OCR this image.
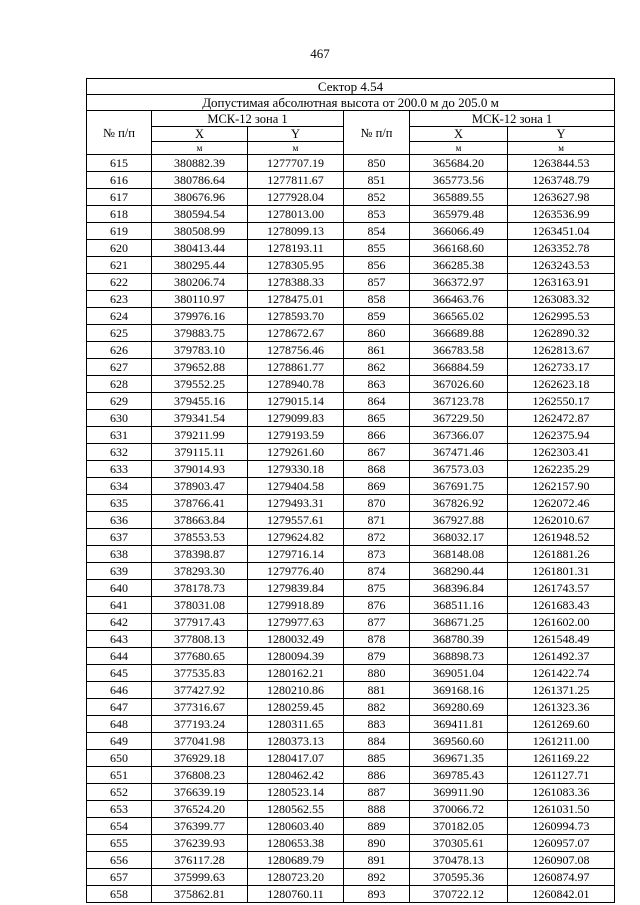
467
Сектор 4.54					
Допустимая абсолютная высота от 200.0 м до 205.0 м					
№ п/п	МСК-12 зона 1		№ п/п	МСК-12 зона 1	
	X	Y		X	Y
	м	м		м	м
615	380882.39	1277707.19	850	365684.20	1263844.53
616	380786.64	1277811.67	851	365773.56	1263748.79
617	380676.96	1277928.04	852	365889.55	1263627.98
618	380594.54	1278013.00	853	365979.48	1263536.99
619	380508.99	1278099.13	854	366066.49	1263451.04
620	380413.44	1278193.11	855	366168.60	1263352.78
621	380295.44	1278305.95	856	366285.38	1263243.53
622	380206.74	1278388.33	857	366372.97	1263163.91
623	380110.97	1278475.01	858	366463.76	1263083.32
624	379976.16	1278593.70	859	366565.02	1262995.53
625	379883.75	1278672.67	860	366689.88	1262890.32
626	379783.10	1278756.46	861	366783.58	1262813.67
627	379652.88	1278861.77	862	366884.59	1262733.17
628	379552.25	1278940.78	863	367026.60	1262623.18
629	379455.16	1279015.14	864	367123.78	1262550.17
630	379341.54	1279099.83	865	367229.50	1262472.87
631	379211.99	1279193.59	866	367366.07	1262375.94
632	379115.11	1279261.60	867	367471.46	1262303.41
633	379014.93	1279330.18	868	367573.03	1262235.29
634	378903.47	1279404.58	869	367691.75	1262157.90
635	378766.41	1279493.31	870	367826.92	1262072.46
636	378663.84	1279557.61	871	367927.88	1262010.67
637	378553.53	1279624.82	872	368032.17	1261948.52
638	378398.87	1279716.14	873	368148.08	1261881.26
639	378293.30	1279776.40	874	368290.44	1261801.31
640	378178.73	1279839.84	875	368396.84	1261743.57
641	378031.08	1279918.89	876	368511.16	1261683.43
642	377917.43	1279977.63	877	368671.25	1261602.00
643	377808.13	1280032.49	878	368780.39	1261548.49
644	377680.65	1280094.39	879	368898.73	1261492.37
645	377535.83	1280162.21	880	369051.04	1261422.74
646	377427.92	1280210.86	881	369168.16	1261371.25
647	377316.67	1280259.45	882	369280.69	1261323.36
648	377193.24	1280311.65	883	369411.81	1261269.60
649	377041.98	1280373.13	884	369560.60	1261211.00
650	376929.18	1280417.07	885	369671.35	1261169.22
651	376808.23	1280462.42	886	369785.43	1261127.71
652	376639.19	1280523.14	887	369911.90	1261083.36
653	376524.20	1280562.55	888	370066.72	1261031.50
654	376399.77	1280603.40	889	370182.05	1260994.73
655	376239.93	1280653.38	890	370305.61	1260957.07
656	376117.28	1280689.79	891	370478.13	1260907.08
657	375999.63	1280723.20	892	370595.36	1260874.97
658	375862.81	1280760.11	893	370722.12	1260842.01
